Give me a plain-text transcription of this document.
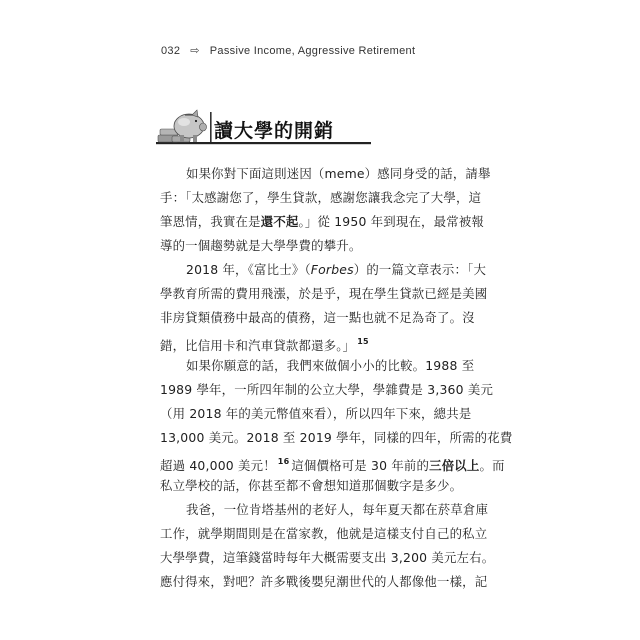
032 ⇨ Passive Income, Aggressive Retirement
讀大學的開銷
如果你對下面這則迷因（meme）感同身受的話，請舉
手：「太感謝您了，學生貸款，感謝您讓我念完了大學，這
筆恩情，我實在是還不起。」從 1950 年到現在，最常被報
導的一個趨勢就是大學學費的攀升。
2018 年，《富比士》（Forbes）的一篇文章表示：「大
學教育所需的費用飛漲，於是乎，現在學生貸款已經是美國
非房貸類債務中最高的債務，這一點也就不足為奇了。沒
錯，比信用卡和汽車貸款都還多。」 $^{15}$
如果你願意的話，我們來做個小小的比較。1988 至
1989 學年，一所四年制的公立大學，學雜費是 3,360 美元
（用 2018 年的美元幣值來看），所以四年下來，總共是
13,000 美元。2018 至 2019 學年，同樣的四年，所需的花費
超過 40,000 美元！ $^{16}$ 這個價格可是 30 年前的三倍以上。而
私立學校的話，你甚至都不會想知道那個數字是多少。
我爸，一位肯塔基州的老好人，每年夏天都在菸草倉庫
工作，就學期間則是在當家教，他就是這樣支付自己的私立
大學學費，這筆錢當時每年大概需要支出 3,200 美元左右。
應付得來，對吧？許多戰後嬰兒潮世代的人都像他一樣，記
